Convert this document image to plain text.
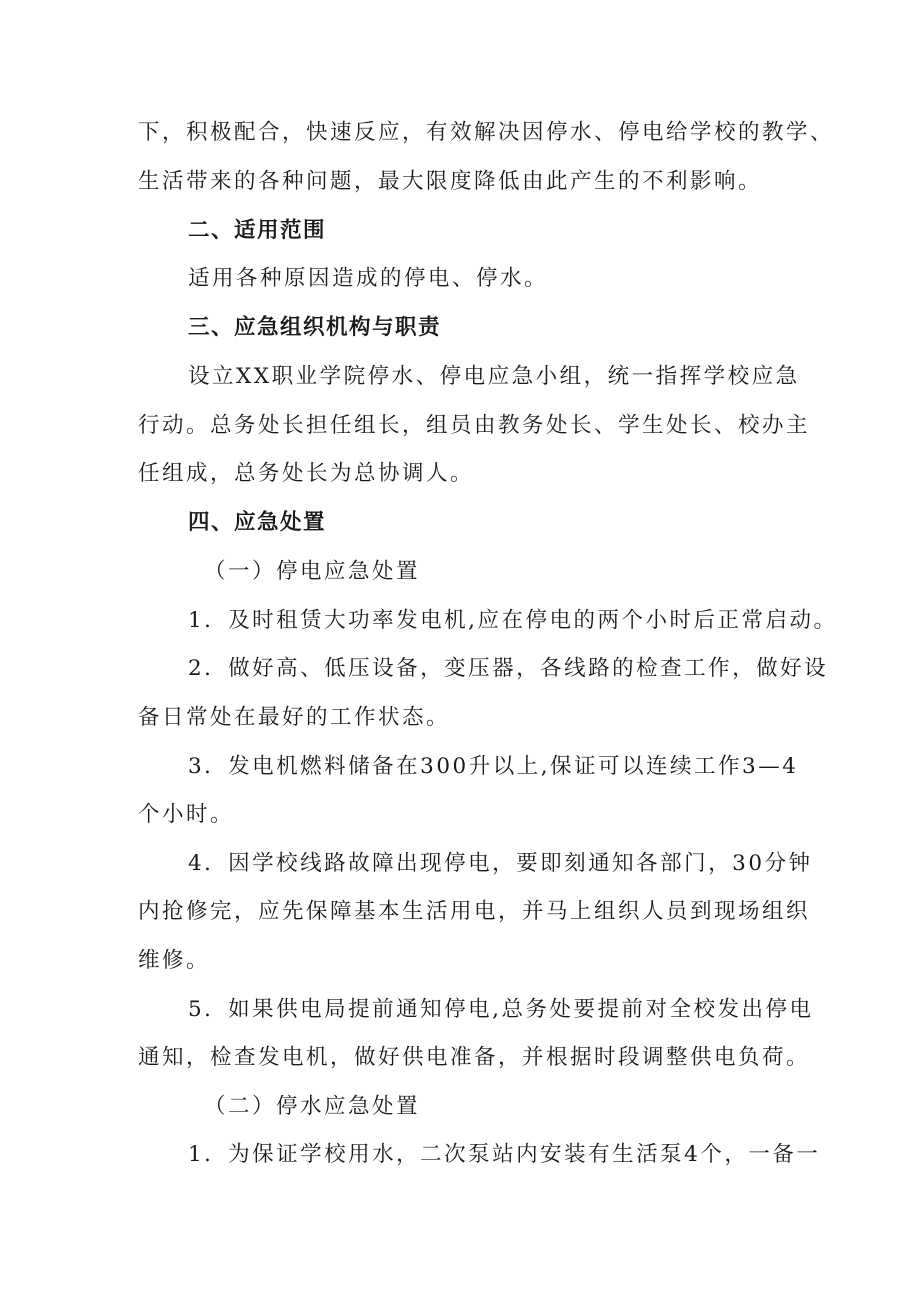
下，积极配合，快速反应，有效解决因停水、停电给学校的教学、
生活带来的各种问题，最大限度降低由此产生的不利影响。
二、适用范围
适用各种原因造成的停电、停水。
三、应急组织机构与职责
设立XX职业学院停水、停电应急小组，统一指挥学校应急
行动。总务处长担任组长，组员由教务处长、学生处长、校办主
任组成，总务处长为总协调人。
四、应急处置
（一）停电应急处置
1．及时租赁大功率发电机,应在停电的两个小时后正常启动。
2．做好高、低压设备，变压器，各线路的检查工作，做好设
备日常处在最好的工作状态。
3．发电机燃料储备在300升以上,保证可以连续工作3—4
个小时。
4．因学校线路故障出现停电，要即刻通知各部门，30分钟
内抢修完，应先保障基本生活用电，并马上组织人员到现场组织
维修。
5．如果供电局提前通知停电,总务处要提前对全校发出停电
通知，检查发电机，做好供电准备，并根据时段调整供电负荷。
（二）停水应急处置
1．为保证学校用水，二次泵站内安装有生活泵4个，一备一
